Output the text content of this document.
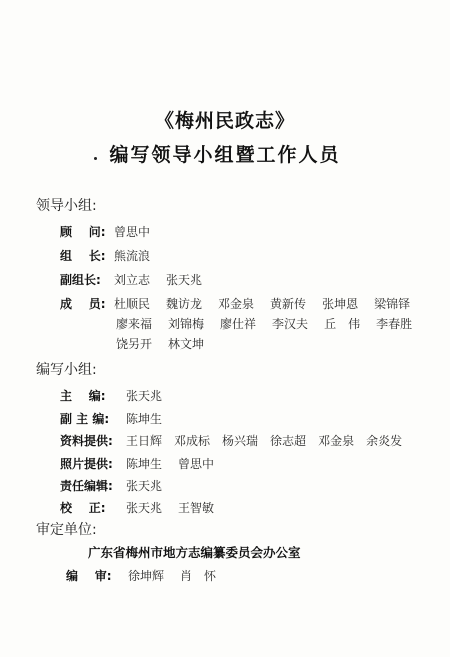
《梅州民政志》
编写领导小组暨工作人员
领导小组:
顾    问: 曾思中
组    长: 熊流浪
副组长:	刘立志 张天兆
成    员: 杜顺民 魏访龙 邓金泉 黄新传 张坤恩 梁锦铎
廖来福 刘锦梅 廖仕祥 李汉夫 丘　伟 李春胜
饶另开 林文坤
编写小组:
主    编:	张天兆
副 主 编:	陈坤生
资料提供:	王日辉 邓成标 杨兴瑞 徐志超 邓金泉 余炎发
照片提供:	陈坤生 曾思中
责任编辑:	张天兆
校    正:	张天兆 王智敏
审定单位:
广东省梅州市地方志编纂委员会办公室
编    审:	徐坤辉 肖　怀
